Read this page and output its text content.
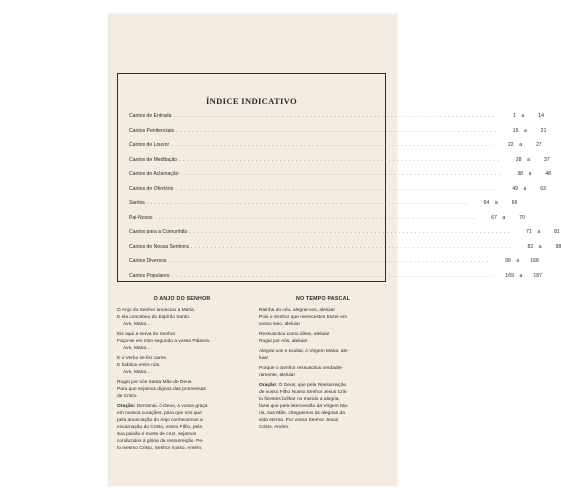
ÍNDICE INDICATIVO
Cantos de Entrada . . . . . . . . . . . . . . . . . . . . . . . . . . . . . . . . . . . . . . . . . . . . . . . . . . . . . . . . . . . . . . . . . . . . . . . . . . . . . . . .	1	a	14
Cantos Penitenciais . . . . . . . . . . . . . . . . . . . . . . . . . . . . . . . . . . . . . . . . . . . . . . . . . . . . . . . . . . . . . . . . . . . . . . . . . . . . . . . .	15	a	21
Cantos de Louvor . . . . . . . . . . . . . . . . . . . . . . . . . . . . . . . . . . . . . . . . . . . . . . . . . . . . . . . . . . . . . . . . . . . . . . . . . . . . . . . .	22	a	27
Cantos de Meditação . . . . . . . . . . . . . . . . . . . . . . . . . . . . . . . . . . . . . . . . . . . . . . . . . . . . . . . . . . . . . . . . . . . . . . . . . . . . . . . .	28	a	37
Cantos de Aclamação . . . . . . . . . . . . . . . . . . . . . . . . . . . . . . . . . . . . . . . . . . . . . . . . . . . . . . . . . . . . . . . . . . . . . . . . . . . . . . . .	38	a	48
Cantos de Ofertório . . . . . . . . . . . . . . . . . . . . . . . . . . . . . . . . . . . . . . . . . . . . . . . . . . . . . . . . . . . . . . . . . . . . . . . . . . . . . . . .	49	a	63
Santos . . . . . . . . . . . . . . . . . . . . . . . . . . . . . . . . . . . . . . . . . . . . . . . . . . . . . . . . . . . . . . . . . . . . . . . . . . . . . . . .	64	a	66
Pai-Nosso . . . . . . . . . . . . . . . . . . . . . . . . . . . . . . . . . . . . . . . . . . . . . . . . . . . . . . . . . . . . . . . . . . . . . . . . . . . . . . . .	67	a	70
Cantos para a Comunhão . . . . . . . . . . . . . . . . . . . . . . . . . . . . . . . . . . . . . . . . . . . . . . . . . . . . . . . . . . . . . . . . . . . . . . . . . . . . . . . .	71	a	81
Cantos de Nossa Senhora . . . . . . . . . . . . . . . . . . . . . . . . . . . . . . . . . . . . . . . . . . . . . . . . . . . . . . . . . . . . . . . . . . . . . . . . . . . . . . . .	82	a	98
Cantos Diversos . . . . . . . . . . . . . . . . . . . . . . . . . . . . . . . . . . . . . . . . . . . . . . . . . . . . . . . . . . . . . . . . . . . . . . . . . . . . . . . .	99	a	168
Cantos Populares . . . . . . . . . . . . . . . . . . . . . . . . . . . . . . . . . . . . . . . . . . . . . . . . . . . . . . . . . . . . . . . . . . . . . . . . . . . . . . . .	169	a	187
O ANJO DO SENHOR
O Anjo do Senhor anunciou a Maria.
E ela concebeu do Espírito Santo.
Ave, Maria...
Eis aqui a serva do Senhor.
Faça-se em mim segundo a vossa Palavra.
Ave, Maria...
E o Verbo se fez carne.
E habitou entre nós.
Ave, Maria...
Rogai por nós Santa Mãe de Deus.
Para que sejamos dignos das promessas
de Cristo.
Oração: Derramai, ó Deus, a vossa graça
em nossos corações, para que nós que
pela anunciação do Anjo conhecemos a
encarnação do Cristo, vosso Filho, pela
sua paixão e morte de cruz, sejamos
conduzidos à glória da ressurreição. Pe-
lo mesmo Cristo, Senhor nosso. Amém.
NO TEMPO PASCAL
Rainha do céu, alegrai-vos, aleluia!
Pois o Senhor que merecestes trazer em
vosso seio, aleluia!
Ressuscitou como disse, aleluia!
Rogai por nós, aleluia!
Alegrai-vos e exultai, ó Virgem Maria, ale-
luia!
Porque o Senhor ressuscitou verdadei-
ramente, aleluia!
Oração: Ó Deus, que pela Ressurreição
de vosso Filho Nosso Senhor Jesus Cris-
to fizestes brilhar no mundo a alegria,
fazei que pela intercessão da Virgem Ma-
ria, sua Mãe, cheguemos às alegrias da
vida eterna. Por vosso Senhor Jesus
Cristo. Amém.
